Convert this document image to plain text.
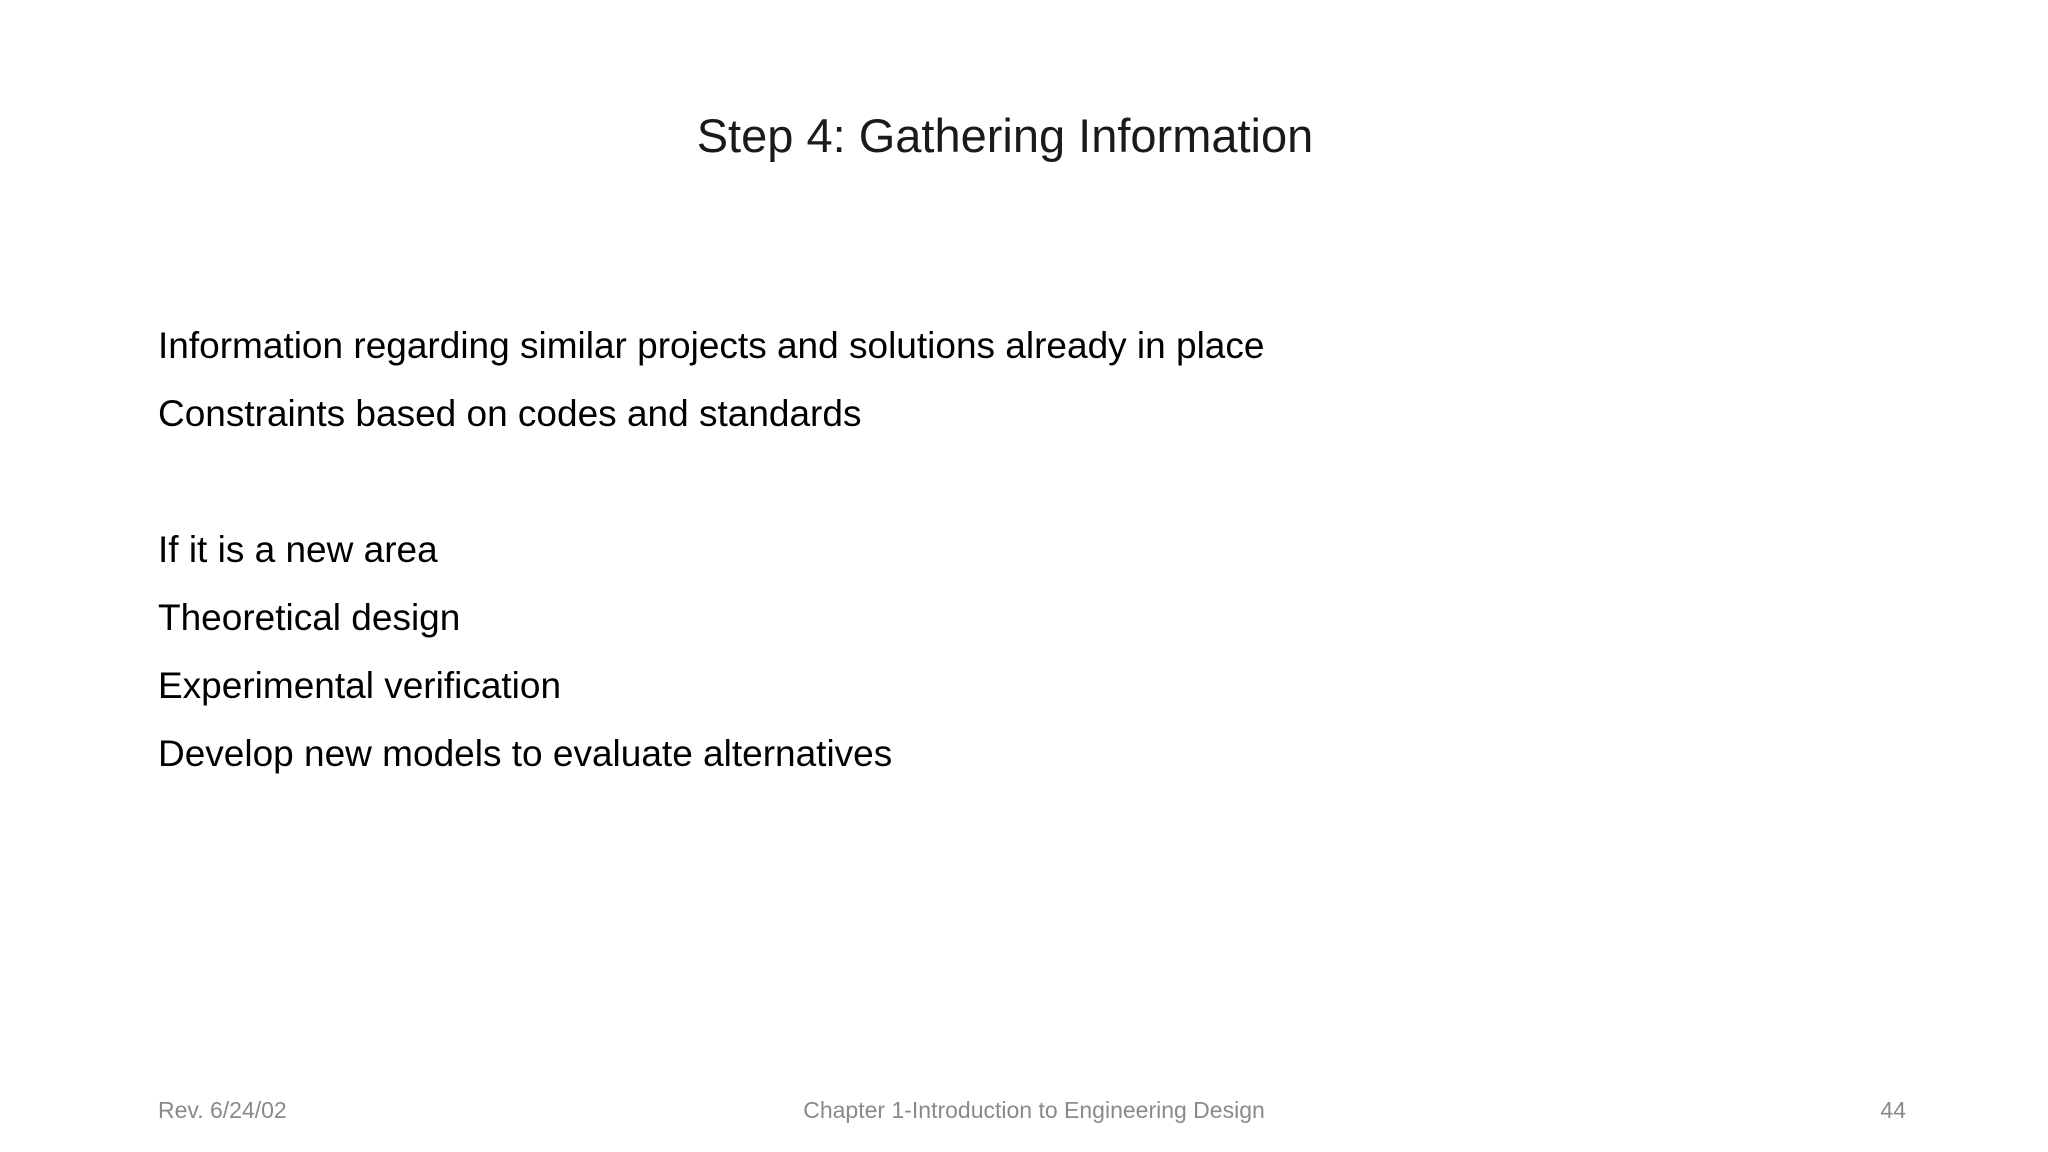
Step 4: Gathering Information
Information regarding similar projects and solutions already in place
Constraints based on codes and standards
If it is a new area
Theoretical design
Experimental verification
Develop new models to evaluate alternatives
Rev. 6/24/02	Chapter 1-Introduction to Engineering Design	44
